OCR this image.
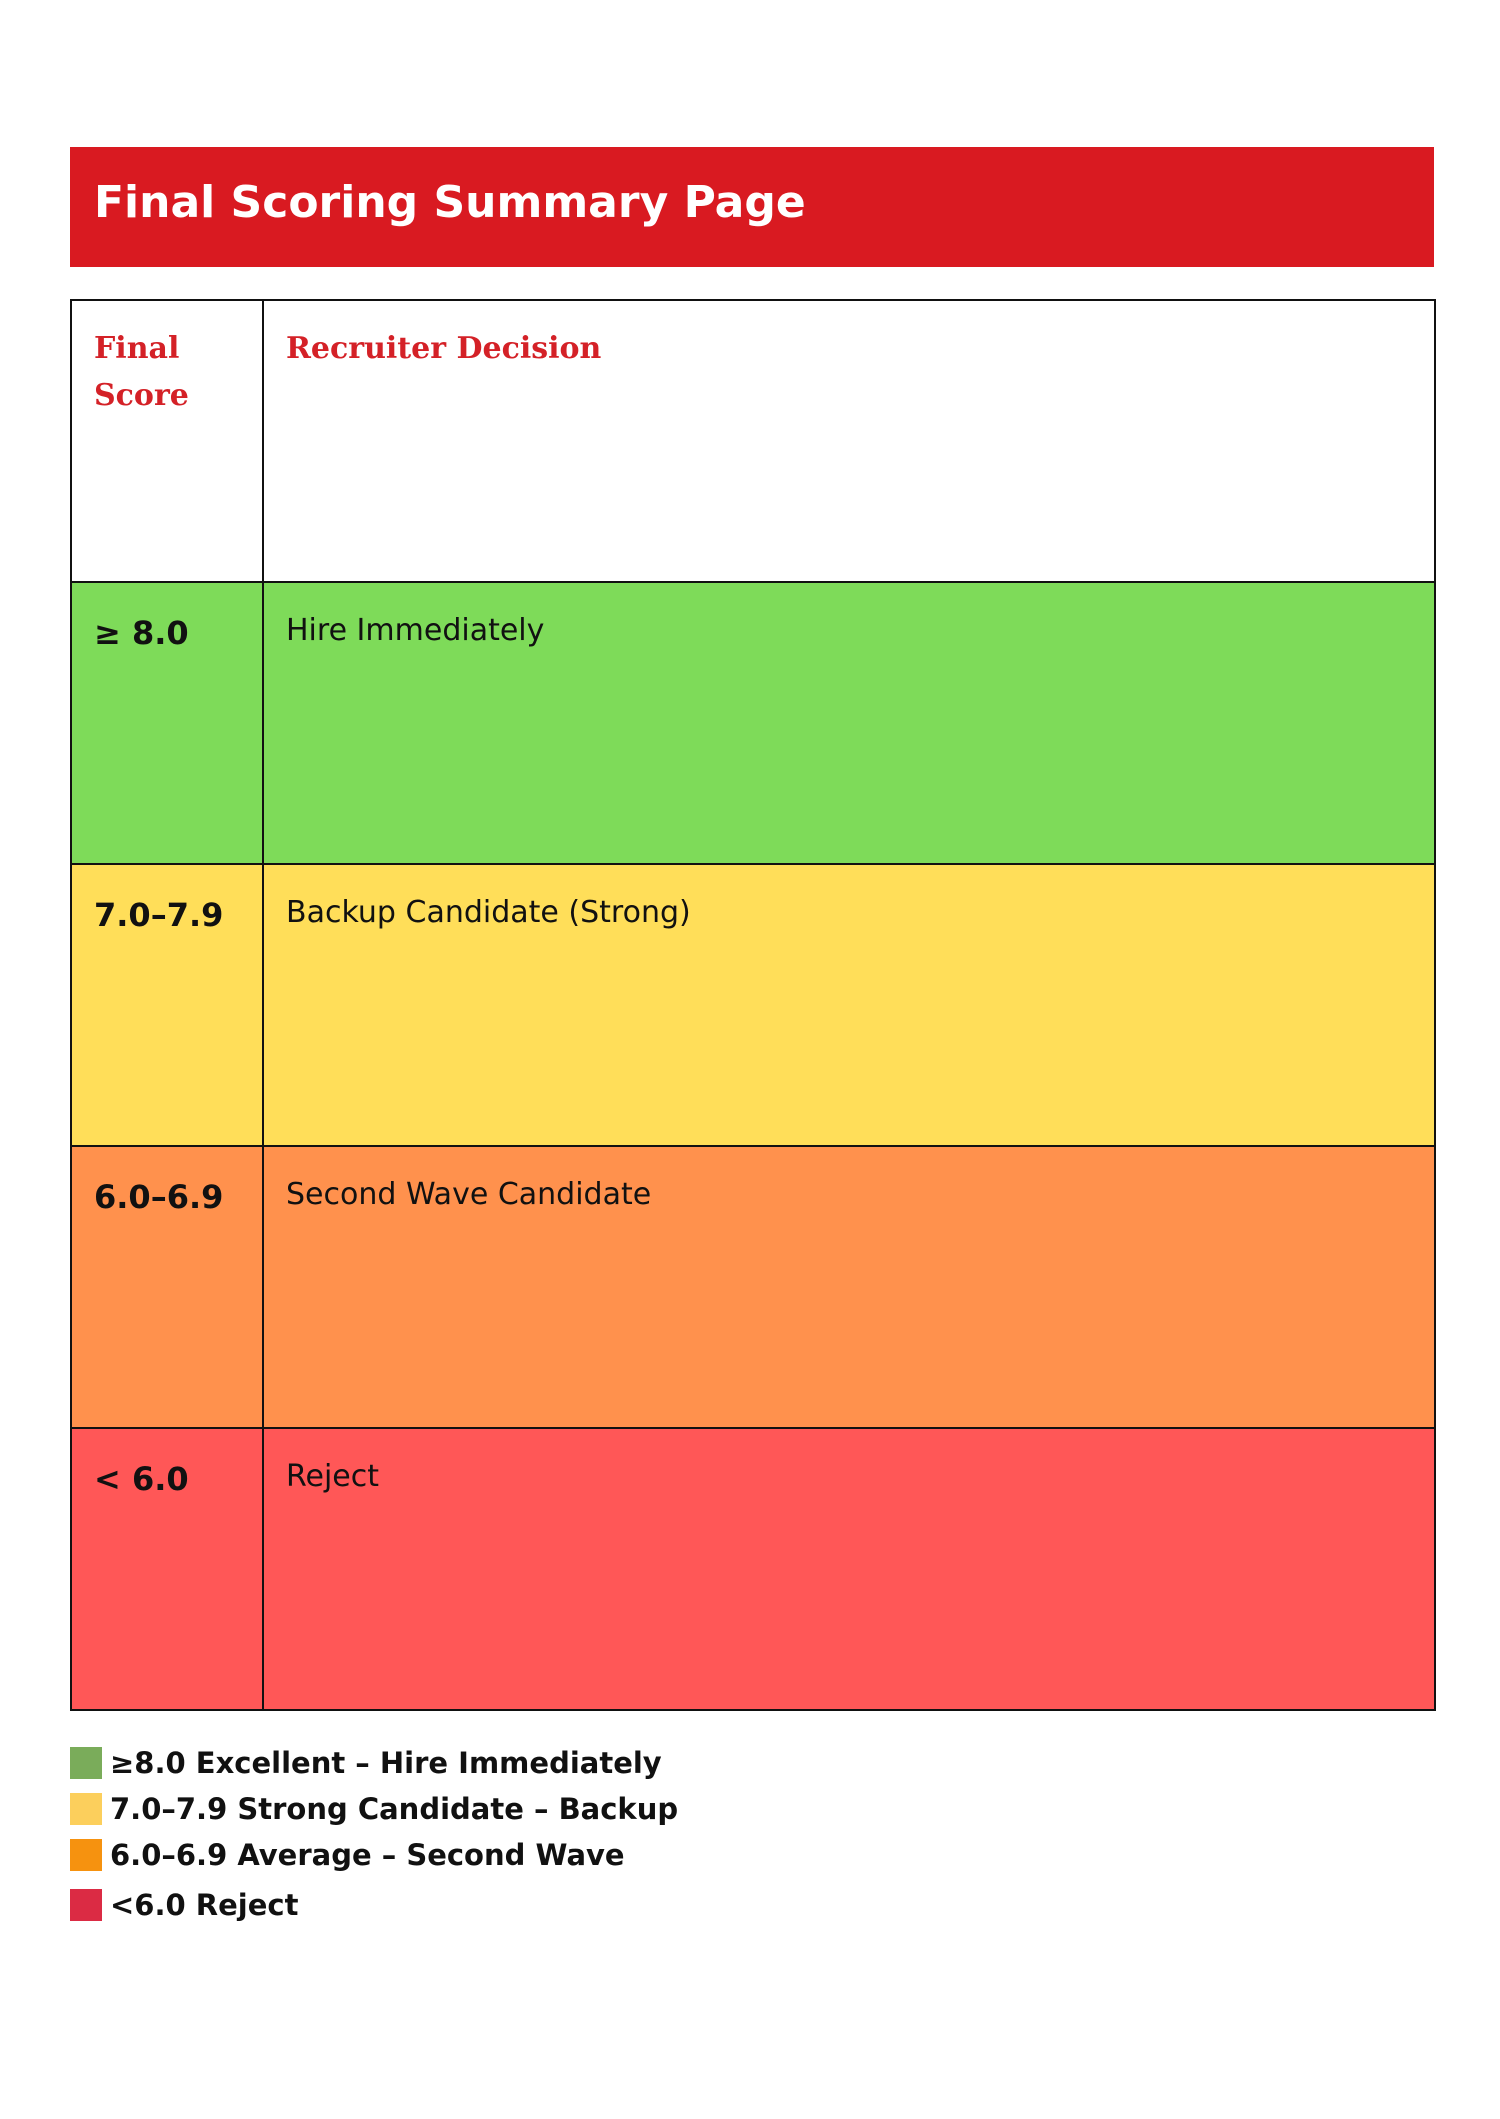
Final Scoring Summary Page
Final Score	Recruiter Decision
≥ 8.0	Hire Immediately
7.0–7.9	Backup Candidate (Strong)
6.0–6.9	Second Wave Candidate
< 6.0	Reject
≥8.0 Excellent – Hire Immediately
7.0–7.9 Strong Candidate – Backup
6.0–6.9 Average – Second Wave
<6.0 Reject
